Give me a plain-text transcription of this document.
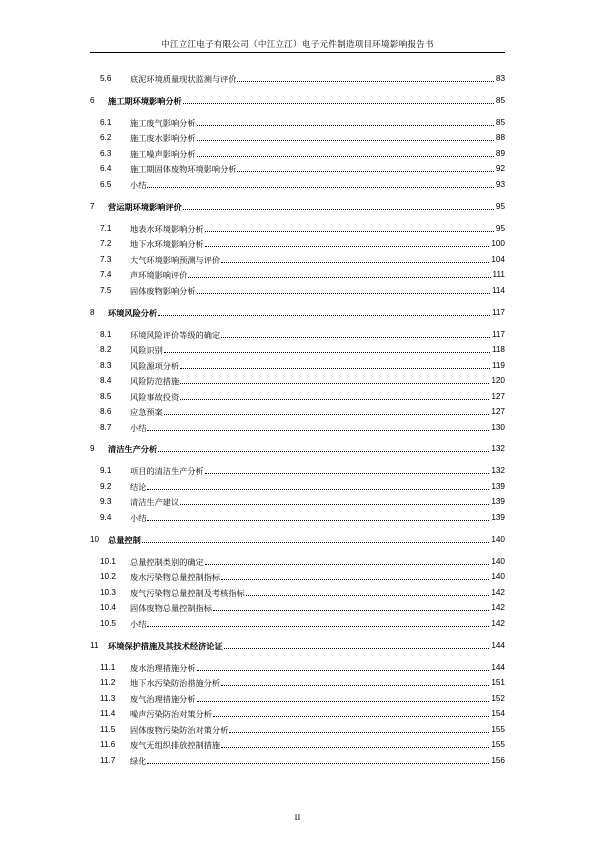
中江立江电子有限公司（中江立江）电子元件制造项目环境影响报告书
5.6	底泥环境质量现状监测与评价	83
6	施工期环境影响分析	85
6.1	施工废气影响分析	85
6.2	施工废水影响分析	88
6.3	施工噪声影响分析	89
6.4	施工期固体废物环境影响分析	92
6.5	小结	93
7	营运期环境影响评价	95
7.1	地表水环境影响分析	95
7.2	地下水环境影响分析	100
7.3	大气环境影响预测与评价	104
7.4	声环境影响评价	111
7.5	固体废物影响分析	114
8	环境风险分析	117
8.1	环境风险评价等级的确定	117
8.2	风险识别	118
8.3	风险源项分析	119
8.4	风险防范措施	120
8.5	风险事故投资	127
8.6	应急预案	127
8.7	小结	130
9	清洁生产分析	132
9.1	项目的清洁生产分析	132
9.2	结论	139
9.3	清洁生产建议	139
9.4	小结	139
10	总量控制	140
10.1	总量控制类别的确定	140
10.2	废水污染物总量控制指标	140
10.3	废气污染物总量控制及考核指标	142
10.4	固体废物总量控制指标	142
10.5	小结	142
11	环境保护措施及其技术经济论证	144
11.1	废水治理措施分析	144
11.2	地下水污染防治措施分析	151
11.3	废气治理措施分析	152
11.4	噪声污染防治对策分析	154
11.5	固体废物污染防治对策分析	155
11.6	废气无组织排放控制措施	155
11.7	绿化	156
II
